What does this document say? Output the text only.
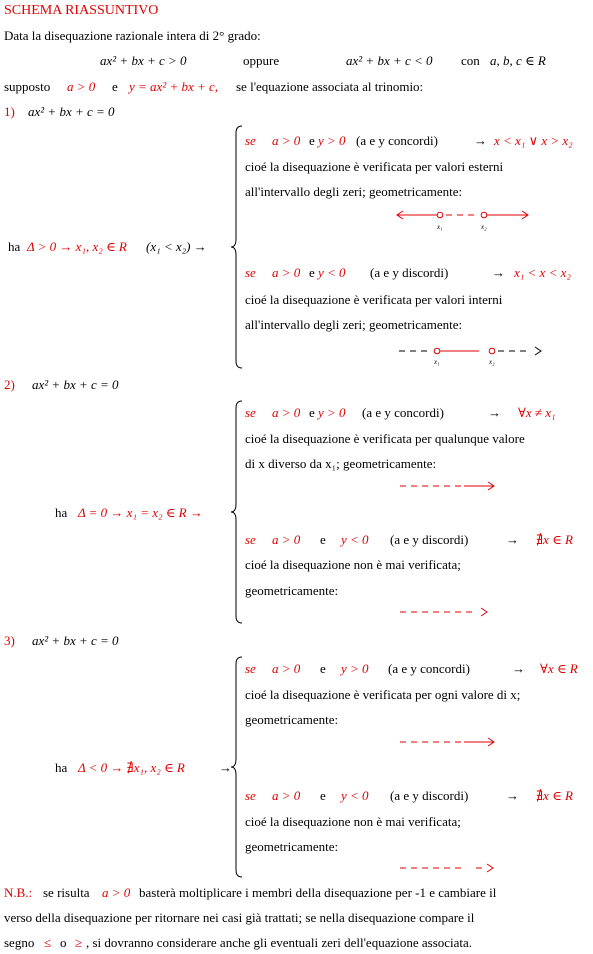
SCHEMA RIASSUNTIVO
Data la disequazione razionale intera di 2° grado:
ax² + bx + c > 0	oppure	ax² + bx + c < 0 con a, b, c ∈ R
supposto a > 0 e y = ax² + bx + c, se l'equazione associata al trinomio:
1) ax² + bx + c = 0
ha Δ > 0 → x₁, x₂ ∈ R (x₁ < x₂) →
se a > 0 e y > 0 (a e y concordi)	→ x < x₁ ∨ x > x₂
cioé la disequazione è verificata per valori esterni
all'intervallo degli zeri; geometricamente:
x₁	x₂
se a > 0 e y < 0 (a e y discordi)	→ x₁ < x < x₂
cioé la disequazione è verificata per valori interni
all'intervallo degli zeri; geometricamente:
x₁	x₂
2) ax² + bx + c = 0
ha Δ = 0 → x₁ = x₂ ∈ R →
se a > 0 e y > 0 (a e y concordi)	→ ∀x ≠ x₁
cioé la disequazione è verificata per qualunque valore
di x diverso da x₁; geometricamente:
se a > 0 e y < 0 (a e y discordi)	→ ∄x ∈ R
cioé la disequazione non è mai verificata;
geometricamente:
3) ax² + bx + c = 0
ha Δ < 0 → ∄x₁, x₂ ∈ R	→
se a > 0 e y > 0 (a e y concordi)	→ ∀x ∈ R
cioé la disequazione è verificata per ogni valore di x;
geometricamente:
se a > 0 e y < 0 (a e y discordi)	→ ∄x ∈ R
cioé la disequazione non è mai verificata;
geometricamente:
N.B.: se risulta a > 0 basterà moltiplicare i membri della disequazione per -1 e cambiare il
verso della disequazione per ritornare nei casi già trattati; se nella disequazione compare il
segno ≤ o ≥ , si dovranno considerare anche gli eventuali zeri dell'equazione associata.
